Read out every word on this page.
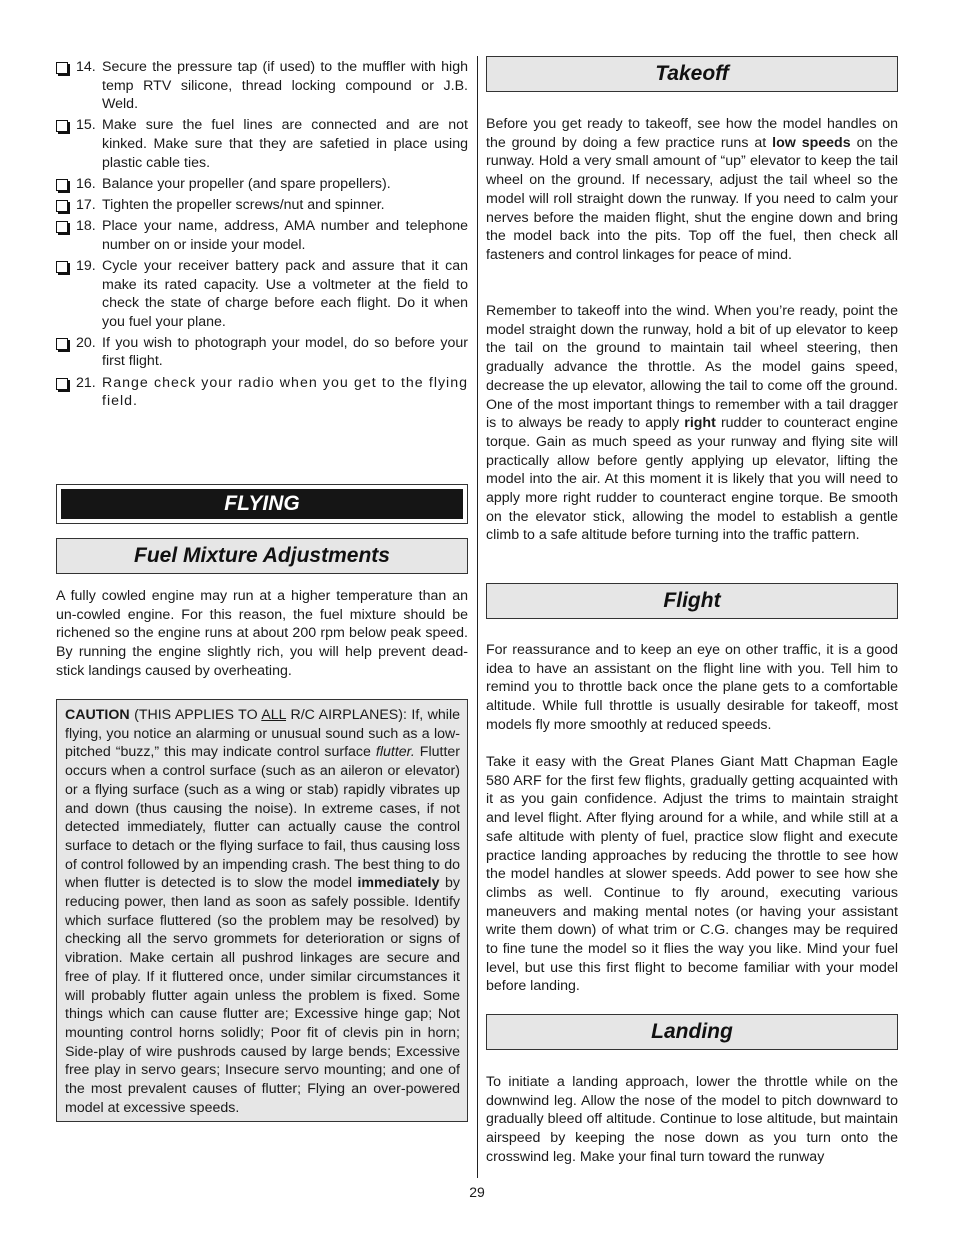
14. Secure the pressure tap (if used) to the muffler with high temp RTV silicone, thread locking compound or J.B. Weld.
15. Make sure the fuel lines are connected and are not kinked. Make sure that they are safetied in place using plastic cable ties.
16. Balance your propeller (and spare propellers).
17. Tighten the propeller screws/nut and spinner.
18. Place your name, address, AMA number and telephone number on or inside your model.
19. Cycle your receiver battery pack and assure that it can make its rated capacity. Use a voltmeter at the field to check the state of charge before each flight. Do it when you fuel your plane.
20. If you wish to photograph your model, do so before your first flight.
21. Range check your radio when you get to the flying field.
FLYING
Fuel Mixture Adjustments

A fully cowled engine may run at a higher temperature than an un-cowled engine. For this reason, the fuel mixture should be richened so the engine runs at about 200 rpm below peak speed. By running the engine slightly rich, you will help prevent dead-stick landings caused by overheating.

CAUTION (THIS APPLIES TO ALL R/C AIRPLANES): If, while flying, you notice an alarming or unusual sound such as a low-pitched “buzz,” this may indicate control surface flutter. Flutter occurs when a control surface (such as an aileron or elevator) or a flying surface (such as a wing or stab) rapidly vibrates up and down (thus causing the noise). In extreme cases, if not detected immediately, flutter can actually cause the control surface to detach or the flying surface to fail, thus causing loss of control followed by an impending crash. The best thing to do when flutter is detected is to slow the model immediately by reducing power, then land as soon as safely possible. Identify which surface fluttered (so the problem may be resolved) by checking all the servo grommets for deterioration or signs of vibration. Make certain all pushrod linkages are secure and free of play. If it fluttered once, under similar circumstances it will probably flutter again unless the problem is fixed. Some things which can cause flutter are; Excessive hinge gap; Not mounting control horns solidly; Poor fit of clevis pin in horn; Side-play of wire pushrods caused by large bends; Excessive free play in servo gears; Insecure servo mounting; and one of the most prevalent causes of flutter; Flying an over-powered model at excessive speeds.
Takeoff

Before you get ready to takeoff, see how the model handles on the ground by doing a few practice runs at low speeds on the runway. Hold a very small amount of “up” elevator to keep the tail wheel on the ground. If necessary, adjust the tail wheel so the model will roll straight down the runway. If you need to calm your nerves before the maiden flight, shut the engine down and bring the model back into the pits. Top off the fuel, then check all fasteners and control linkages for peace of mind.

Remember to takeoff into the wind. When you’re ready, point the model straight down the runway, hold a bit of up elevator to keep the tail on the ground to maintain tail wheel steering, then gradually advance the throttle. As the model gains speed, decrease the up elevator, allowing the tail to come off the ground. One of the most important things to remember with a tail dragger is to always be ready to apply right rudder to counteract engine torque. Gain as much speed as your runway and flying site will practically allow before gently applying up elevator, lifting the model into the air. At this moment it is likely that you will need to apply more right rudder to counteract engine torque. Be smooth on the elevator stick, allowing the model to establish a gentle climb to a safe altitude before turning into the traffic pattern.

Flight

For reassurance and to keep an eye on other traffic, it is a good idea to have an assistant on the flight line with you. Tell him to remind you to throttle back once the plane gets to a comfortable altitude. While full throttle is usually desirable for takeoff, most models fly more smoothly at reduced speeds.

Take it easy with the Great Planes Giant Matt Chapman Eagle 580 ARF for the first few flights, gradually getting acquainted with it as you gain confidence. Adjust the trims to maintain straight and level flight. After flying around for a while, and while still at a safe altitude with plenty of fuel, practice slow flight and execute practice landing approaches by reducing the throttle to see how the model handles at slower speeds. Add power to see how she climbs as well. Continue to fly around, executing various maneuvers and making mental notes (or having your assistant write them down) of what trim or C.G. changes may be required to fine tune the model so it flies the way you like. Mind your fuel level, but use this first flight to become familiar with your model before landing.

Landing

To initiate a landing approach, lower the throttle while on the downwind leg. Allow the nose of the model to pitch downward to gradually bleed off altitude. Continue to lose altitude, but maintain airspeed by keeping the nose down as you turn onto the crosswind leg. Make your final turn toward the runway

29
